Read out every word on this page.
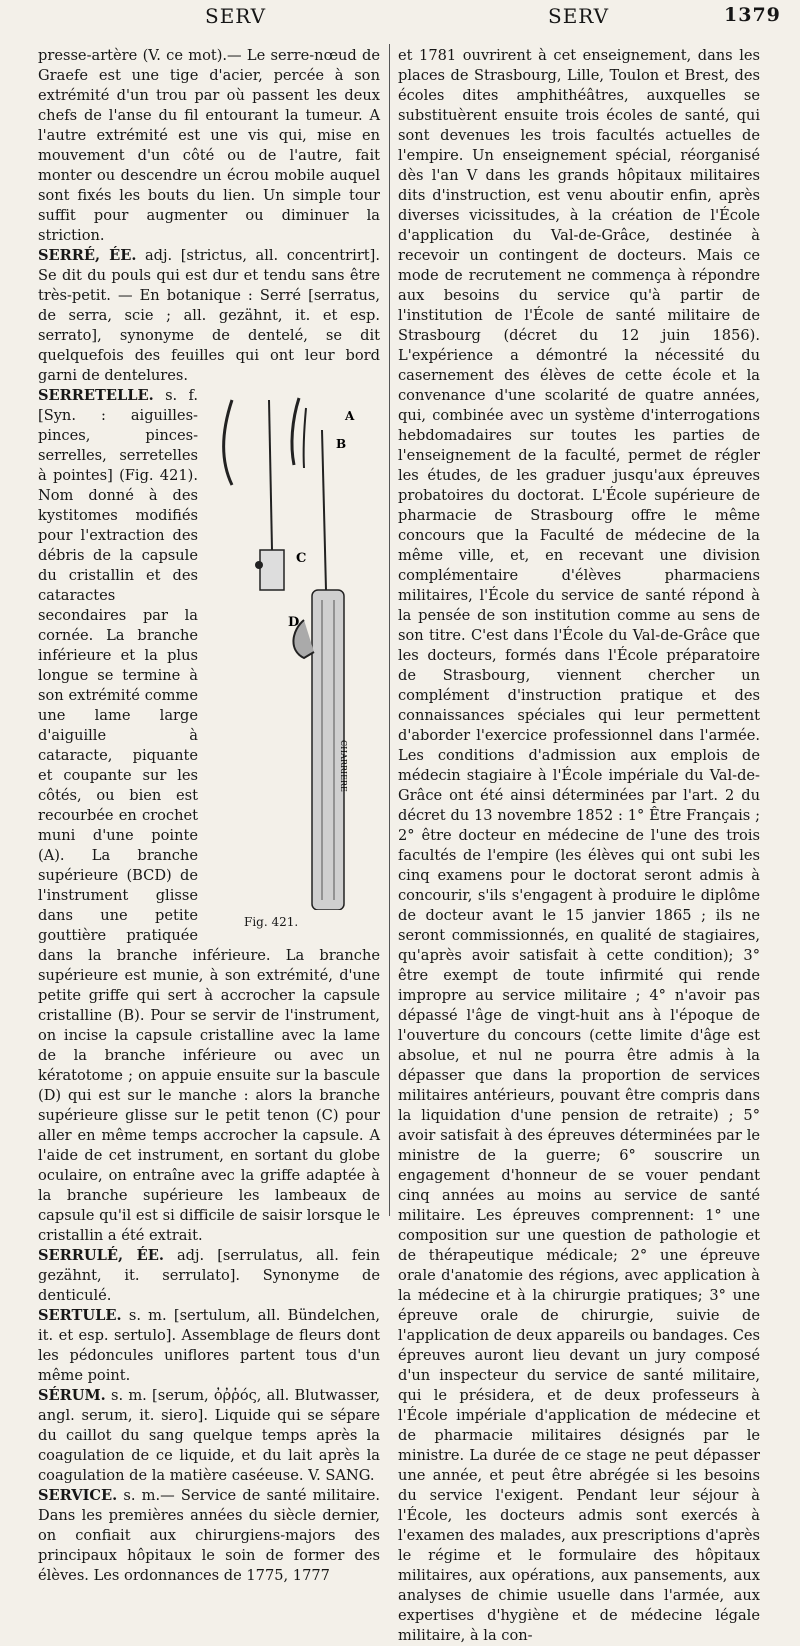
SERV	SERV	1379

presse-artère (V. ce mot).— Le serre-nœud de Graefe est une tige d'acier, percée à son extrémité d'un trou par où passent les deux chefs de l'anse du fil entourant la tumeur. A l'autre extrémité est une vis qui, mise en mouvement d'un côté ou de l'autre, fait monter ou descendre un écrou mobile auquel sont fixés les bouts du lien. Un simple tour suffit pour augmenter ou diminuer la striction.

SERRÉ, ÉE. adj. [strictus, all. concentrirt]. Se dit du pouls qui est dur et tendu sans être très-petit. — En botanique : Serré [serratus, de serra, scie ; all. gezähnt, it. et esp. serrato], synonyme de dentelé, se dit quelquefois des feuilles qui ont leur bord garni de dentelures.

A
B
C
D
CHARRIERE
Fig. 421.
SERRETELLE. s. f. [Syn. : aiguilles-pinces, pinces-serrelles, serretelles à pointes] (Fig. 421). Nom donné à des kystitomes modifiés pour l'extraction des débris de la capsule du cristallin et des cataractes secondaires par la cornée. La branche inférieure et la plus longue se termine à son extrémité comme une lame large d'aiguille à cataracte, piquante et coupante sur les côtés, ou bien est recourbée en crochet muni d'une pointe (A). La branche supérieure (BCD) de l'instrument glisse dans une petite gouttière pratiquée dans la branche inférieure. La branche supérieure est munie, à son extrémité, d'une petite griffe qui sert à accrocher la capsule cristalline (B). Pour se servir de l'instrument, on incise la capsule cristalline avec la lame de la branche inférieure ou avec un kératotome ; on appuie ensuite sur la bascule (D) qui est sur le manche : alors la branche supérieure glisse sur le petit tenon (C) pour aller en même temps accrocher la capsule. A l'aide de cet instrument, en sortant du globe oculaire, on entraîne avec la griffe adaptée à la branche supérieure les lambeaux de capsule qu'il est si difficile de saisir lorsque le cristallin a été extrait.

SERRULÉ, ÉE. adj. [serrulatus, all. fein gezähnt, it. serrulato]. Synonyme de denticulé.

SERTULE. s. m. [sertulum, all. Bündelchen, it. et esp. sertulo]. Assemblage de fleurs dont les pédoncules uniflores partent tous d'un même point.

SÉRUM. s. m. [serum, ὀῤῥός, all. Blutwasser, angl. serum, it. siero]. Liquide qui se sépare du caillot du sang quelque temps après la coagulation de ce liquide, et du lait après la coagulation de la matière caséeuse. V. SANG.

SERVICE. s. m.— Service de santé militaire. Dans les premières années du siècle dernier, on confiait aux chirurgiens-majors des principaux hôpitaux le soin de former des élèves. Les ordonnances de 1775, 1777

et 1781 ouvrirent à cet enseignement, dans les places de Strasbourg, Lille, Toulon et Brest, des écoles dites amphithéâtres, auxquelles se substituèrent ensuite trois écoles de santé, qui sont devenues les trois facultés actuelles de l'empire. Un enseignement spécial, réorganisé dès l'an V dans les grands hôpitaux militaires dits d'instruction, est venu aboutir enfin, après diverses vicissitudes, à la création de l'École d'application du Val-de-Grâce, destinée à recevoir un contingent de docteurs. Mais ce mode de recrutement ne commença à répondre aux besoins du service qu'à partir de l'institution de l'École de santé militaire de Strasbourg (décret du 12 juin 1856). L'expérience a démontré la nécessité du casernement des élèves de cette école et la convenance d'une scolarité de quatre années, qui, combinée avec un système d'interrogations hebdomadaires sur toutes les parties de l'enseignement de la faculté, permet de régler les études, de les graduer jusqu'aux épreuves probatoires du doctorat. L'École supérieure de pharmacie de Strasbourg offre le même concours que la Faculté de médecine de la même ville, et, en recevant une division complémentaire d'élèves pharmaciens militaires, l'École du service de santé répond à la pensée de son institution comme au sens de son titre. C'est dans l'École du Val-de-Grâce que les docteurs, formés dans l'École préparatoire de Strasbourg, viennent chercher un complément d'instruction pratique et des connaissances spéciales qui leur permettent d'aborder l'exercice professionnel dans l'armée. Les conditions d'admission aux emplois de médecin stagiaire à l'École impériale du Val-de-Grâce ont été ainsi déterminées par l'art. 2 du décret du 13 novembre 1852 : 1° Être Français ; 2° être docteur en médecine de l'une des trois facultés de l'empire (les élèves qui ont subi les cinq examens pour le doctorat seront admis à concourir, s'ils s'engagent à produire le diplôme de docteur avant le 15 janvier 1865 ; ils ne seront commissionnés, en qualité de stagiaires, qu'après avoir satisfait à cette condition); 3° être exempt de toute infirmité qui rende impropre au service militaire ; 4° n'avoir pas dépassé l'âge de vingt-huit ans à l'époque de l'ouverture du concours (cette limite d'âge est absolue, et nul ne pourra être admis à la dépasser que dans la proportion de services militaires antérieurs, pouvant être compris dans la liquidation d'une pension de retraite) ; 5° avoir satisfait à des épreuves déterminées par le ministre de la guerre; 6° souscrire un engagement d'honneur de se vouer pendant cinq années au moins au service de santé militaire. Les épreuves comprennent: 1° une composition sur une question de pathologie et de thérapeutique médicale; 2° une épreuve orale d'anatomie des régions, avec application à la médecine et à la chirurgie pratiques; 3° une épreuve orale de chirurgie, suivie de l'application de deux appareils ou bandages. Ces épreuves auront lieu devant un jury composé d'un inspecteur du service de santé militaire, qui le présidera, et de deux professeurs à l'École impériale d'application de médecine et de pharmacie militaires désignés par le ministre. La durée de ce stage ne peut dépasser une année, et peut être abrégée si les besoins du service l'exigent. Pendant leur séjour à l'École, les docteurs admis sont exercés à l'examen des malades, aux prescriptions d'après le régime et le formulaire des hôpitaux militaires, aux opérations, aux pansements, aux analyses de chimie usuelle dans l'armée, aux expertises d'hygiène et de médecine légale militaire, à la con-
